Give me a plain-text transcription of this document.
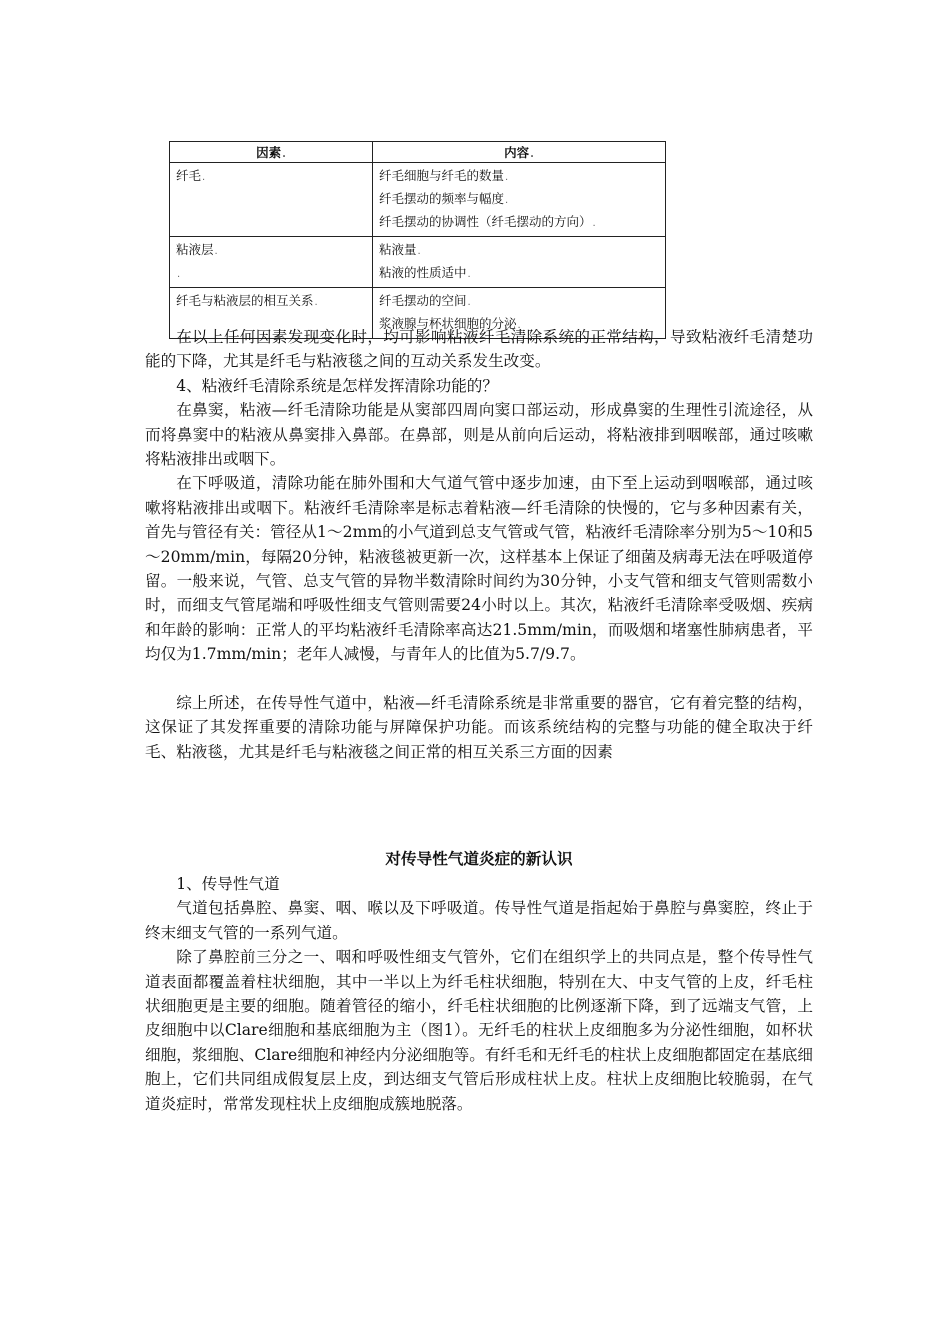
因素.	内容.

纤毛.	纤毛细胞与纤毛的数量.
纤毛摆动的频率与幅度.
纤毛摆动的协调性（纤毛摆动的方向）.

粘液层.
.	粘液量.
粘液的性质适中.

纤毛与粘液层的相互关系.	纤毛摆动的空间.
浆液腺与杯状细胞的分泌.

在以上任何因素发现变化时，均可影响粘液纤毛清除系统的正常结构，导致粘液纤毛清楚功能的下降，尤其是纤毛与粘液毯之间的互动关系发生改变。

4、粘液纤毛清除系统是怎样发挥清除功能的？

在鼻窦，粘液—纤毛清除功能是从窦部四周向窦口部运动，形成鼻窦的生理性引流途径，从而将鼻窦中的粘液从鼻窦排入鼻部。在鼻部，则是从前向后运动，将粘液排到咽喉部，通过咳嗽将粘液排出或咽下。

在下呼吸道，清除功能在肺外围和大气道气管中逐步加速，由下至上运动到咽喉部，通过咳嗽将粘液排出或咽下。粘液纤毛清除率是标志着粘液—纤毛清除的快慢的，它与多种因素有关，首先与管径有关：管径从1～2mm的小气道到总支气管或气管，粘液纤毛清除率分别为5～10和5～20mm/min，每隔20分钟，粘液毯被更新一次，这样基本上保证了细菌及病毒无法在呼吸道停留。一般来说，气管、总支气管的异物半数清除时间约为30分钟，小支气管和细支气管则需数小时，而细支气管尾端和呼吸性细支气管则需要24小时以上。其次，粘液纤毛清除率受吸烟、疾病和年龄的影响：正常人的平均粘液纤毛清除率高达21.5mm/min，而吸烟和堵塞性肺病患者，平均仅为1.7mm/min；老年人减慢，与青年人的比值为5.7/9.7。

综上所述，在传导性气道中，粘液—纤毛清除系统是非常重要的器官，它有着完整的结构，这保证了其发挥重要的清除功能与屏障保护功能。而该系统结构的完整与功能的健全取决于纤毛、粘液毯，尤其是纤毛与粘液毯之间正常的相互关系三方面的因素

对传导性气道炎症的新认识

1、传导性气道

气道包括鼻腔、鼻窦、咽、喉以及下呼吸道。传导性气道是指起始于鼻腔与鼻窦腔，终止于终末细支气管的一系列气道。

除了鼻腔前三分之一、咽和呼吸性细支气管外，它们在组织学上的共同点是，整个传导性气道表面都覆盖着柱状细胞，其中一半以上为纤毛柱状细胞，特别在大、中支气管的上皮，纤毛柱状细胞更是主要的细胞。随着管径的缩小，纤毛柱状细胞的比例逐渐下降，到了远端支气管，上皮细胞中以Clare细胞和基底细胞为主（图1）。无纤毛的柱状上皮细胞多为分泌性细胞，如杯状细胞，浆细胞、Clare细胞和神经内分泌细胞等。有纤毛和无纤毛的柱状上皮细胞都固定在基底细胞上，它们共同组成假复层上皮，到达细支气管后形成柱状上皮。柱状上皮细胞比较脆弱，在气道炎症时，常常发现柱状上皮细胞成簇地脱落。
